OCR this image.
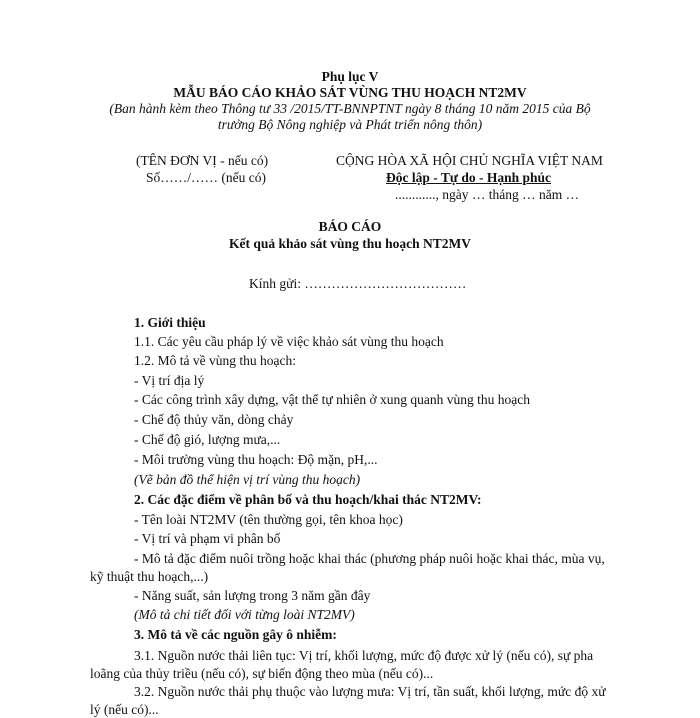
Phụ lục V
MẪU BÁO CÁO KHẢO SÁT VÙNG THU HOẠCH NT2MV
(Ban hành kèm theo Thông tư 33 /2015/TT-BNNPTNT ngày 8 tháng 10 năm 2015 của Bộ
trưởng Bộ Nông nghiệp và Phát triển nông thôn)
(TÊN ĐƠN VỊ - nếu có)
Số……/…… (nếu có)
CỘNG HÒA XÃ HỘI CHỦ NGHĨA VIỆT NAM
Độc lập - Tự do - Hạnh phúc
............, ngày … tháng … năm …
BÁO CÁO
Kết quả khảo sát vùng thu hoạch NT2MV
Kính gửi: ………………………………
1. Giới thiệu
1.1. Các yêu cầu pháp lý về việc khảo sát vùng thu hoạch
1.2. Mô tả về vùng thu hoạch:
- Vị trí địa lý
- Các công trình xây dựng, vật thể tự nhiên ở xung quanh vùng thu hoạch
- Chế độ thủy văn, dòng chảy
- Chế độ gió, lượng mưa,...
- Môi trường vùng thu hoạch: Độ mặn, pH,...
(Vẽ bản đồ thể hiện vị trí vùng thu hoạch)
2. Các đặc điểm về phân bố và thu hoạch/khai thác NT2MV:
- Tên loài NT2MV (tên thường gọi, tên khoa học)
- Vị trí và phạm vi phân bố
- Mô tả đặc điểm nuôi trồng hoặc khai thác (phương pháp nuôi hoặc khai thác, mùa vụ,
kỹ thuật thu hoạch,...)
- Năng suất, sản lượng trong 3 năm gần đây
(Mô tả chi tiết đối với từng loài NT2MV)
3. Mô tả về các nguồn gây ô nhiễm:
3.1. Nguồn nước thải liên tục: Vị trí, khối lượng, mức độ được xử lý (nếu có), sự pha
loãng của thủy triều (nếu có), sự biến động theo mùa (nếu có)...
3.2. Nguồn nước thải phụ thuộc vào lượng mưa: Vị trí, tần suất, khối lượng, mức độ xử
lý (nếu có)...
